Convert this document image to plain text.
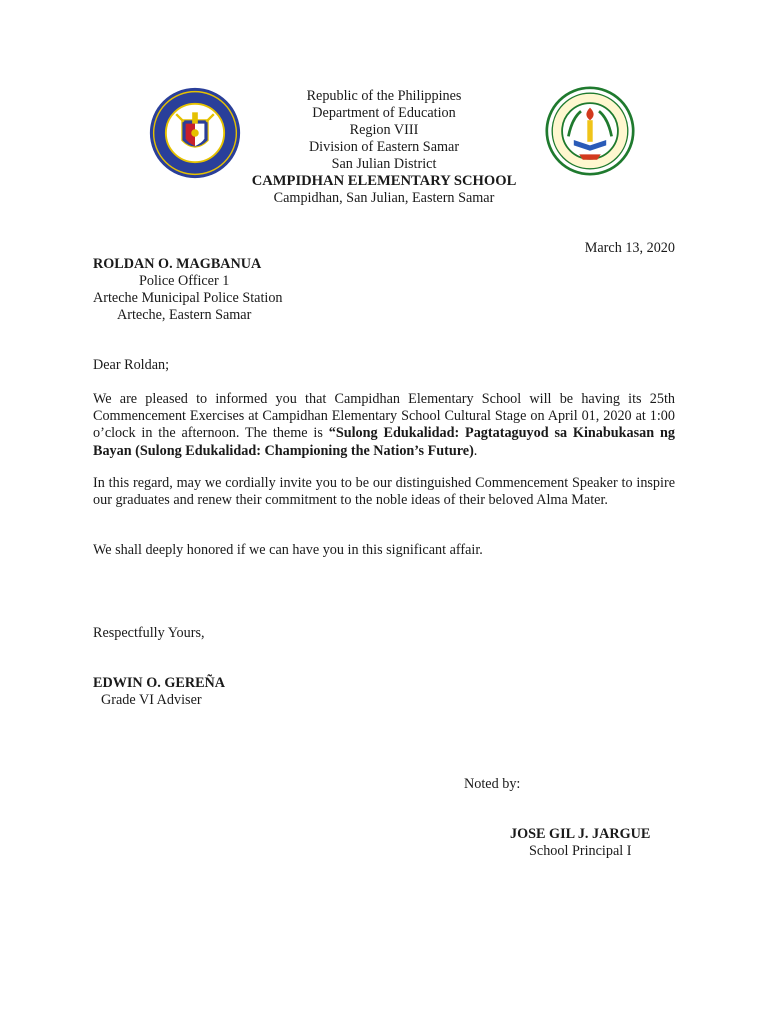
Republic of the Philippines
Department of Education
Region VIII
Division of Eastern Samar
San Julian District
CAMPIDHAN ELEMENTARY SCHOOL
Campidhan, San Julian, Eastern Samar
March 13, 2020
ROLDAN O. MAGBANUA
Police Officer 1
Arteche Municipal Police Station
Arteche, Eastern Samar
Dear Roldan;
We are pleased to informed you that Campidhan Elementary School will be having its 25th Commencement Exercises at Campidhan Elementary School Cultural Stage on April 01, 2020 at 1:00 o’clock in the afternoon. The theme is “Sulong Edukalidad: Pagtataguyod sa Kinabukasan ng Bayan (Sulong Edukalidad: Championing the Nation’s Future).
In this regard, may we cordially invite you to be our distinguished Commencement Speaker to inspire our graduates and renew their commitment to the noble ideas of their beloved Alma Mater.
We shall deeply honored if we can have you in this significant affair.
Respectfully Yours,
EDWIN O. GEREÑA
Grade VI Adviser
Noted by:
JOSE GIL J. JARGUE
School Principal I
